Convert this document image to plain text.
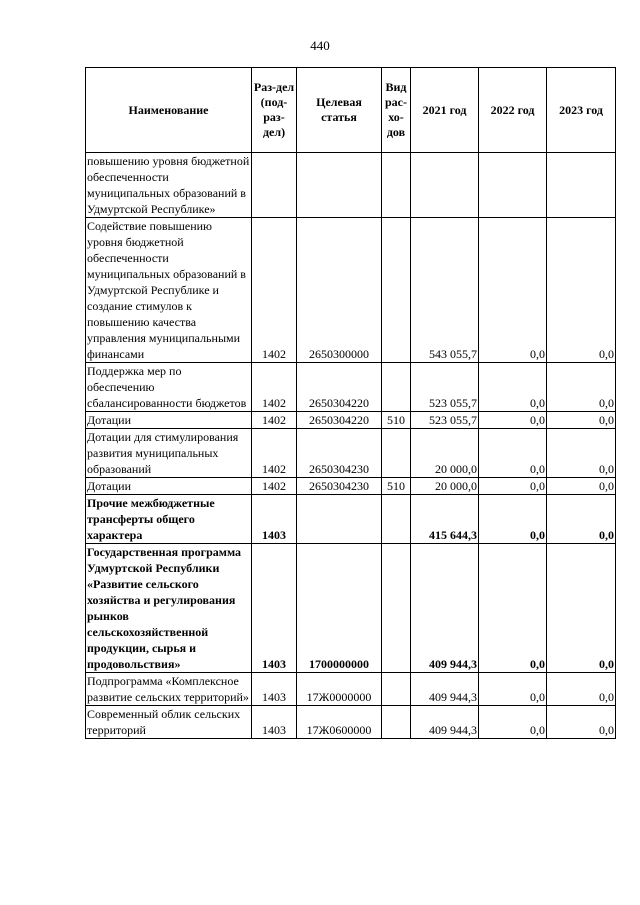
440
Наименование	Раз-дел (под-раз-дел)	Целевая статья	Вид рас-хо-дов	2021 год	2022 год	2023 год
повышению уровня бюджетной обеспеченности муниципальных образований в Удмуртской Республике»						
Содействие повышению уровня бюджетной обеспеченности муниципальных образований в Удмуртской Республике и создание стимулов к повышению качества управления муниципальными финансами	1402	2650300000		543 055,7	0,0	0,0
Поддержка мер по обеспечению сбалансированности бюджетов	1402	2650304220		523 055,7	0,0	0,0
Дотации	1402	2650304220	510	523 055,7	0,0	0,0
Дотации для стимулирования развития муниципальных образований	1402	2650304230		20 000,0	0,0	0,0
Дотации	1402	2650304230	510	20 000,0	0,0	0,0
Прочие межбюджетные трансферты общего характера	1403			415 644,3	0,0	0,0
Государственная программа Удмуртской Республики «Развитие сельского хозяйства и регулирования рынков сельскохозяйственной продукции, сырья и продовольствия»	1403	1700000000		409 944,3	0,0	0,0
Подпрограмма «Комплексное развитие сельских территорий»	1403	17Ж0000000		409 944,3	0,0	0,0
Современный облик сельских территорий	1403	17Ж0600000		409 944,3	0,0	0,0
